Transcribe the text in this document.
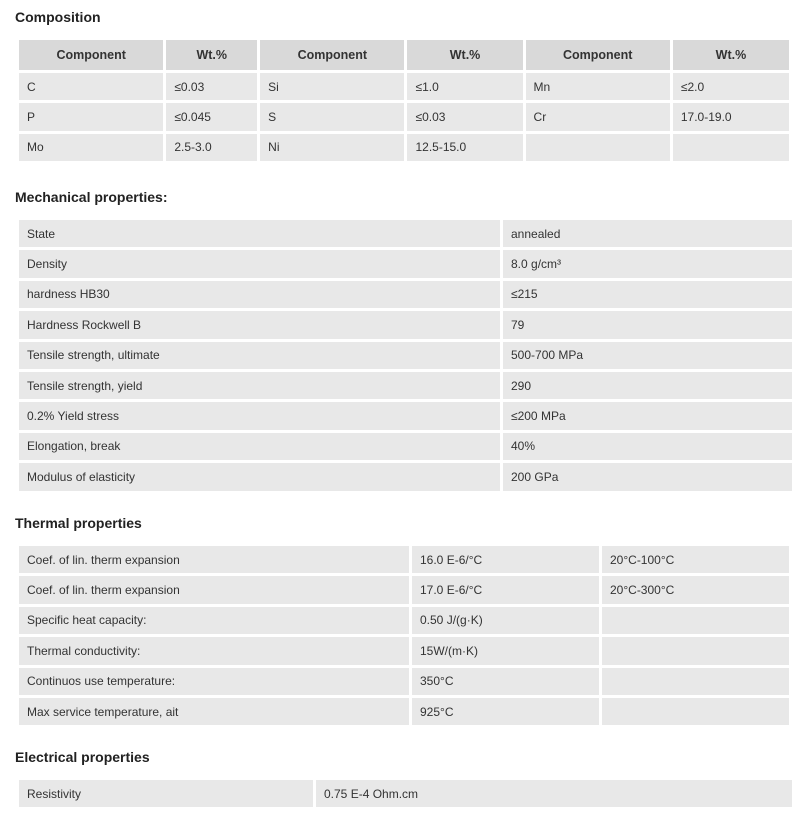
Composition
Component	Wt.%	Component	Wt.%	Component	Wt.%
C	≤0.03	Si	≤1.0	Mn	≤2.0
P	≤0.045	S	≤0.03	Cr	17.0-19.0
Mo	2.5-3.0	Ni	12.5-15.0		
Mechanical properties:
State	annealed
Density	8.0 g/cm³
hardness HB30	≤215
Hardness Rockwell B	79
Tensile strength, ultimate	500-700 MPa
Tensile strength, yield	290
0.2% Yield stress	≤200 MPa
Elongation, break	40%
Modulus of elasticity	200 GPa
Thermal properties
Coef. of lin. therm expansion	16.0 E-6/°C	20°C-100°C
Coef. of lin. therm expansion	17.0 E-6/°C	20°C-300°C
Specific heat capacity:	0.50 J/(g·K)	
Thermal conductivity:	15W/(m·K)	
Continuos use temperature:	350°C	
Max service temperature, ait	925°C	
Electrical properties
Resistivity	0.75 E-4 Ohm.cm
